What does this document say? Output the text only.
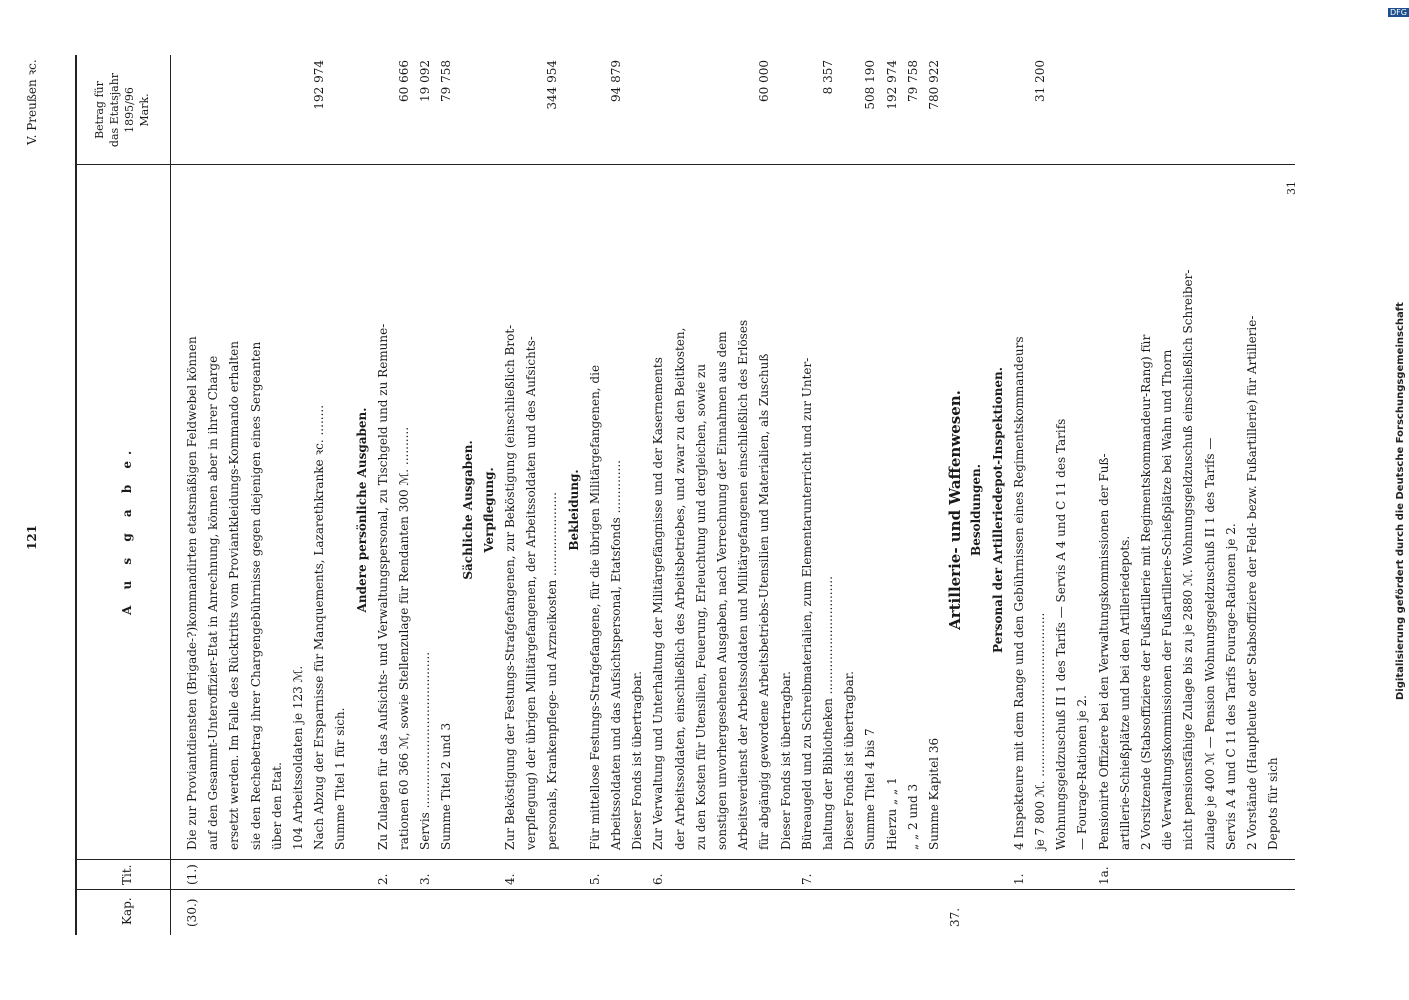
121
V. Preußen ꝛc.
Kap.
Tit.
A u s g a b e.
Betrag für das Etatsjahr 1895/96 Mark.
(30.)
(1.)
Die zur Proviantdiensten (Brigade-?)kommandirten etatsmäßigen Feldwebel können auf den Gesammt-Unteroffizier-Etat in Anrechnung, können aber in ihrer Charge ersetzt werden. Im Falle des Rücktritts vom Proviantkleidungs-Kommando erhalten sie den Rechebetrag ihrer Chargengebührnisse gegen diejenigen eines Sergeanten über den Etat. 104 Arbeitssoldaten je 123 ℳ. Nach Abzug der Ersparnisse für Manquements, Lazarethkranke ꝛc. ........
192 974
Summe Titel 1 für sich.
Andere persönliche Ausgaben.
2.
Zu Zulagen für das Aufsichts- und Verwaltungspersonal, zu Tischgeld und zu Remune- rationen 60 366 ℳ, sowie Stellenzulage für Rendanten 300 ℳ. ..........
60 666
3.
Servis .........................................
19 092
Summe Titel 2 und 3
79 758
Sächliche Ausgaben. Verpflegung.
4.
Zur Beköstigung der Festungs-Strafgefangenen, zur Beköstigung (einschließlich Brot- verpflegung) der übrigen Militärgefangenen, der Arbeitssoldaten und des Aufsichts- personals, Krankenpflege- und Arzneikosten ......................
344 954
Bekleidung.
5.
Für mittellose Festungs-Strafgefangene, für die übrigen Militärgefangenen, die Arbeitssoldaten und das Aufsichtspersonal, Etatsfonds ..............
94 879
Dieser Fonds ist übertragbar.
6.
Zur Verwaltung und Unterhaltung der Militärgefängnisse und der Kasernements der Arbeitssoldaten, einschließlich des Arbeitsbetriebes, und zwar zu den Beitkosten, zu den Kosten für Utensilien, Feuerung, Erleuchtung und dergleichen, sowie zu sonstigen unvorhergesehenen Ausgaben, nach Verrechnung der Einnahmen aus dem Arbeitsverdienst der Arbeitssoldaten und Militärgefangenen einschließlich des Erlöses für abgängig gewordene Arbeitsbetriebs-Utensilien und Materialien, als Zuschuß
60 000
Dieser Fonds ist übertragbar.
7.
Büreaugeld und zu Schreibmaterialien, zum Elementarunterricht und zur Unter- haltung der Bibliotheken ...............................
8 357
Dieser Fonds ist übertragbar. Summe Titel 4 bis 7
508 190
Hierzu „ „ 1
192 974
„ „ 2 und 3
79 758
Summe Kapitel 36
780 922
37.
Artillerie- und Waffenwesen. Besoldungen. Personal der Artilleriedepot-Inspektionen.
1.
4 Inspekteure mit dem Range und den Gebührnissen eines Regimentskommandeurs je 7 800 ℳ. ...........................................
31 200
Wohnungsgeldzuschuß II 1 des Tarifs — Servis A 4 und C 11 des Tarifs — Fourage-Rationen je 2.
1a.
Pensionirte Offiziere bei den Verwaltungskommissionen der Fuß- artillerie-Schießplätze und bei den Artilleriedepots. 2 Vorsitzende (Stabsoffiziere der Fußartillerie mit Regimentskommandeur-Rang) für die Verwaltungskommissionen der Fußartillerie-Schießplätze bei Wahn und Thorn nicht pensionsfähige Zulage bis zu je 2880 ℳ. Wohnungsgeldzuschuß einschließlich Schreiber- zulage je 400 ℳ — Pension Wohnungsgeldzuschuß II 1 des Tarifs — Servis A 4 und C 11 des Tarifs Fourage-Rationen je 2. 2 Vorstände (Hauptleute oder Stabsoffiziere der Feld- bezw. Fußartillerie) für Artillerie- Depots für sich
31
Digitalisierung gefördert durch die Deutsche Forschungsgemeinschaft
DFG
